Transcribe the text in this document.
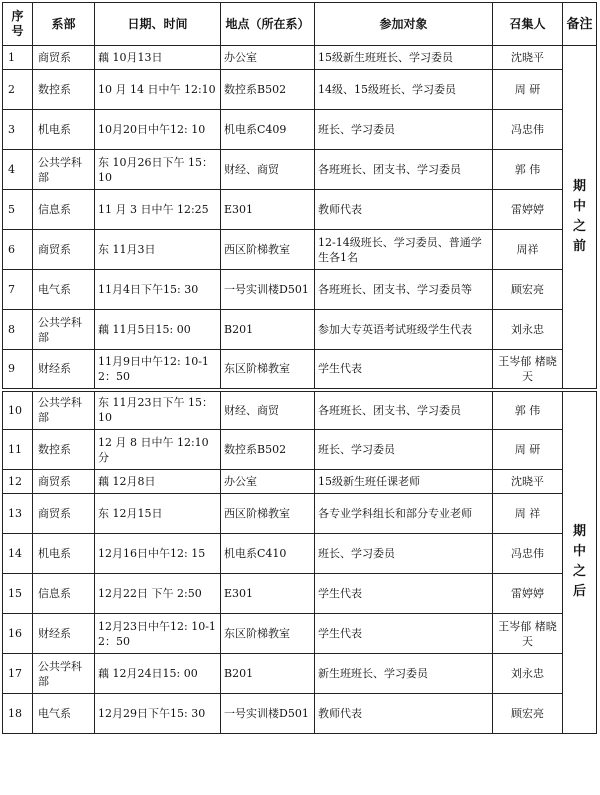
序号	系部	日期、时间	地点（所在系）	参加对象	召集人	备注
1	商贸系	藕 10月13日	办公室	15级新生班班长、学习委员	沈晓平	期中之前

2	数控系	10 月 14 日中午 12:10	数控系B502	14级、15级班长、学习委员	周 研	
3	机电系	10月20日中午12: 10	机电系C409	班长、学习委员	冯忠伟	
4	公共学科部	东 10月26日下午 15：10	财经、商贸	各班班长、团支书、学习委员	郭 伟	
5	信息系	11 月 3 日中午 12:25	E301	教师代表	雷婷婷	
6	商贸系	东 11月3日	西区阶梯教室	12-14级班长、学习委员、普通学生各1名	周祥	
7	电气系	11月4日下午15: 30	一号实训楼D501	各班班长、团支书、学习委员等	顾宏亮	
8	公共学科部	藕 11月5日15: 00	B201	参加大专英语考试班级学生代表	刘永忠	
9	财经系	11月9日中午12: 10-12：50	东区阶梯教室	学生代表	王岑郁 楮晓天	
10	公共学科部	东 11月23日下午 15：10	财经、商贸	各班班长、团支书、学习委员	郭 伟	期中之后

11	数控系	12 月 8 日中午 12:10分	数控系B502	班长、学习委员	周 研	
12	商贸系	藕 12月8日	办公室	15级新生班任课老师	沈晓平	
13	商贸系	东 12月15日	西区阶梯教室	各专业学科组长和部分专业老师	周 祥	
14	机电系	12月16日中午12: 15	机电系C410	班长、学习委员	冯忠伟	
15	信息系	12月22日 下午 2:50	E301	学生代表	雷婷婷	
16	财经系	12月23日中午12: 10-12：50	东区阶梯教室	学生代表	王岑郁 楮晓天	
17	公共学科部	藕 12月24日15: 00	B201	新生班班长、学习委员	刘永忠	
18	电气系	12月29日下午15: 30	一号实训楼D501	教师代表	顾宏亮	
